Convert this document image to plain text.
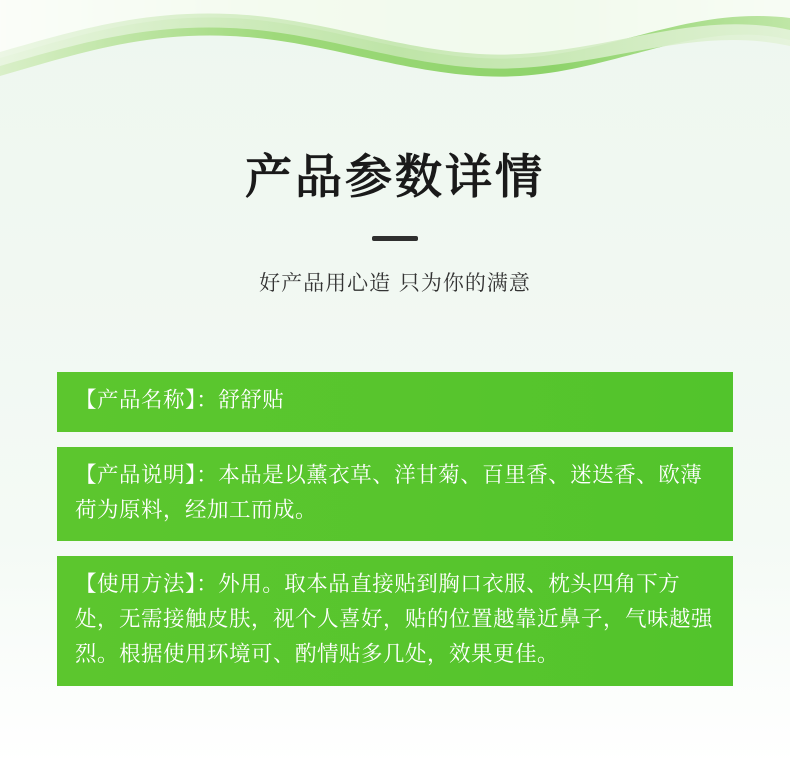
产品参数详情

好产品用心造 只为你的满意

【产品名称】：舒舒贴
【产品说明】：本品是以薰衣草、洋甘菊、百里香、迷迭香、欧薄荷为原料，经加工而成。
【使用方法】：外用。取本品直接贴到胸口衣服、枕头四角下方处，无需接触皮肤，视个人喜好，贴的位置越靠近鼻子，气味越强烈。根据使用环境可、酌情贴多几处，效果更佳。
